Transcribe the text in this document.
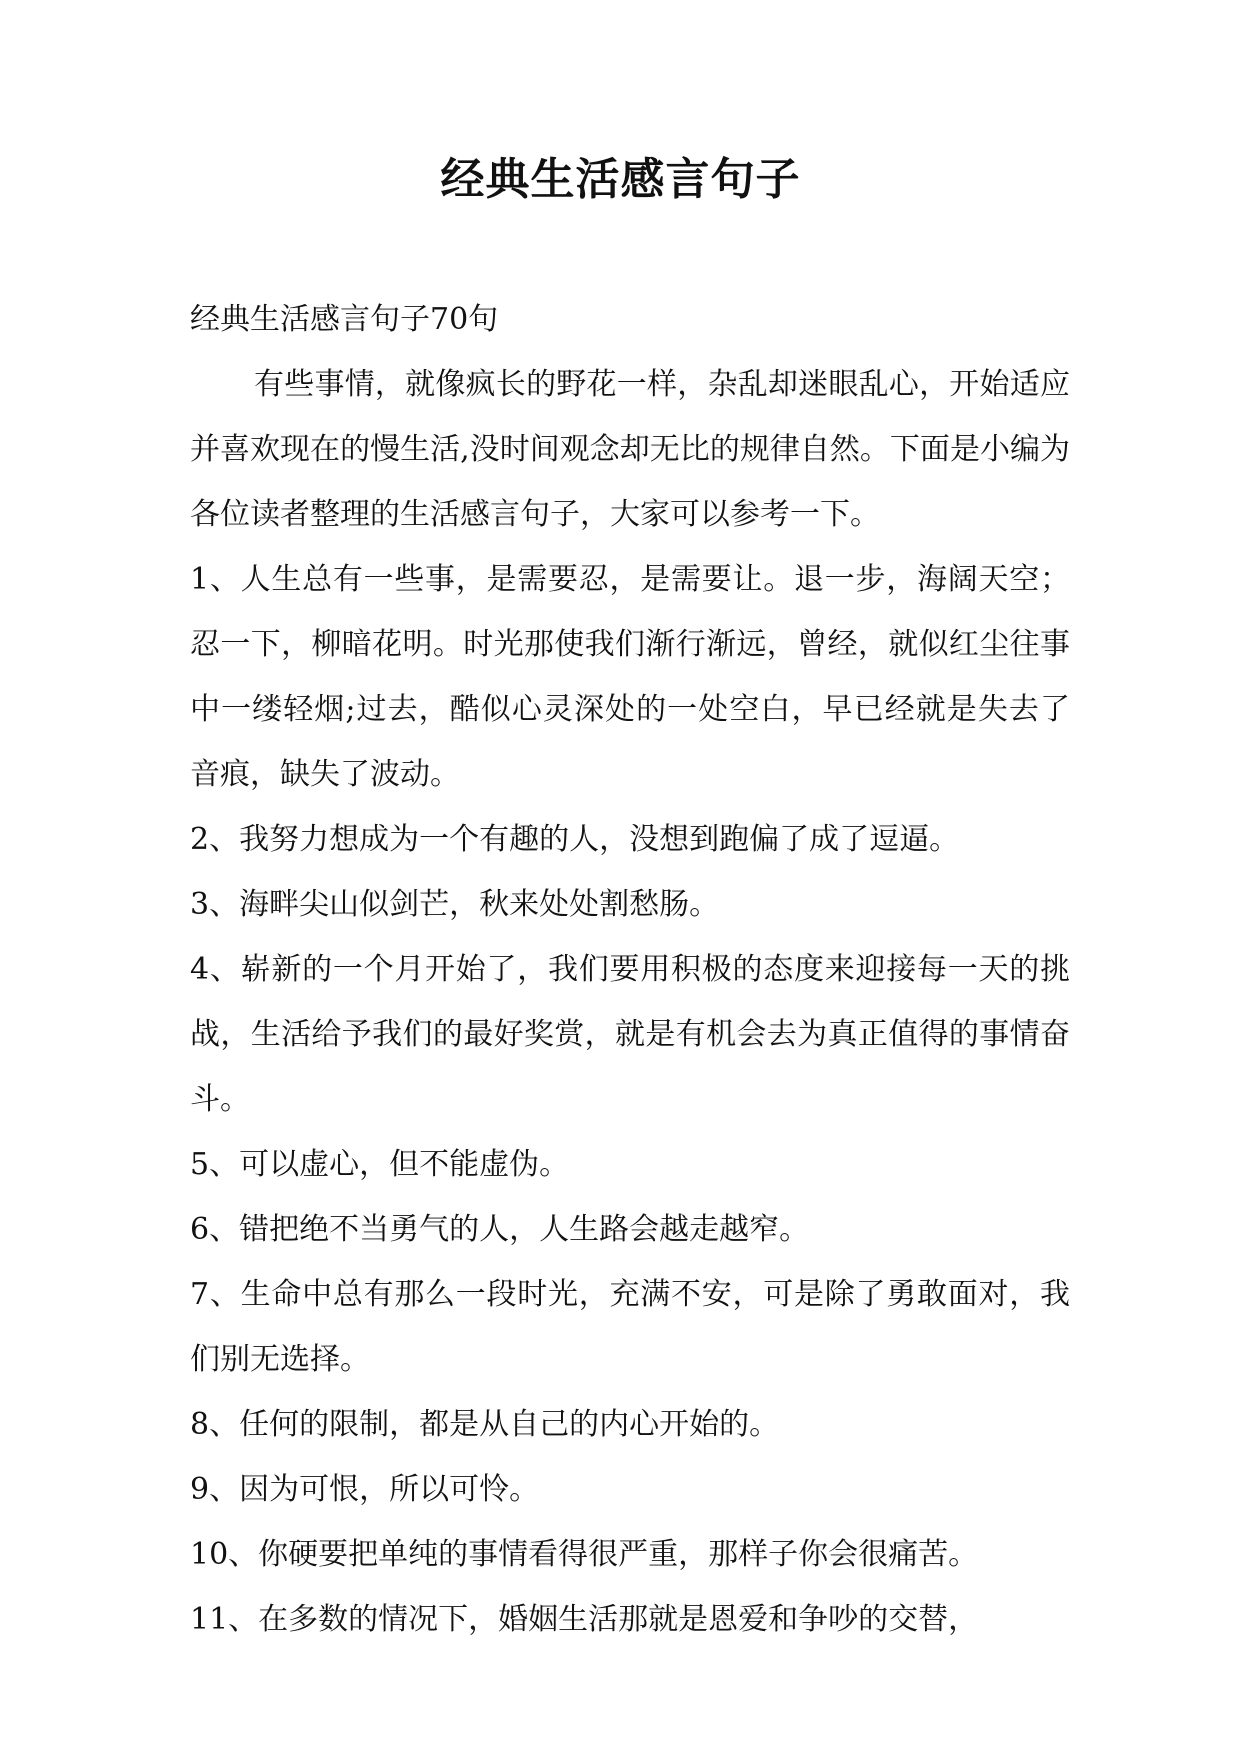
经典生活感言句子

经典生活感言句子70句

有些事情，就像疯长的野花一样，杂乱却迷眼乱心，开始适应并喜欢现在的慢生活,没时间观念却无比的规律自然。下面是小编为各位读者整理的生活感言句子，大家可以参考一下。

1、人生总有一些事，是需要忍，是需要让。退一步，海阔天空；忍一下，柳暗花明。时光那使我们渐行渐远，曾经，就似红尘往事中一缕轻烟;过去，酷似心灵深处的一处空白，早已经就是失去了音痕，缺失了波动。

2、我努力想成为一个有趣的人，没想到跑偏了成了逗逼。

3、海畔尖山似剑芒，秋来处处割愁肠。

4、崭新的一个月开始了，我们要用积极的态度来迎接每一天的挑战，生活给予我们的最好奖赏，就是有机会去为真正值得的事情奋斗。

5、可以虚心，但不能虚伪。

6、错把绝不当勇气的人，人生路会越走越窄。

7、生命中总有那么一段时光，充满不安，可是除了勇敢面对，我们别无选择。

8、任何的限制，都是从自己的内心开始的。

9、因为可恨，所以可怜。

10、你硬要把单纯的事情看得很严重，那样子你会很痛苦。

11、在多数的情况下，婚姻生活那就是恩爱和争吵的交替，
